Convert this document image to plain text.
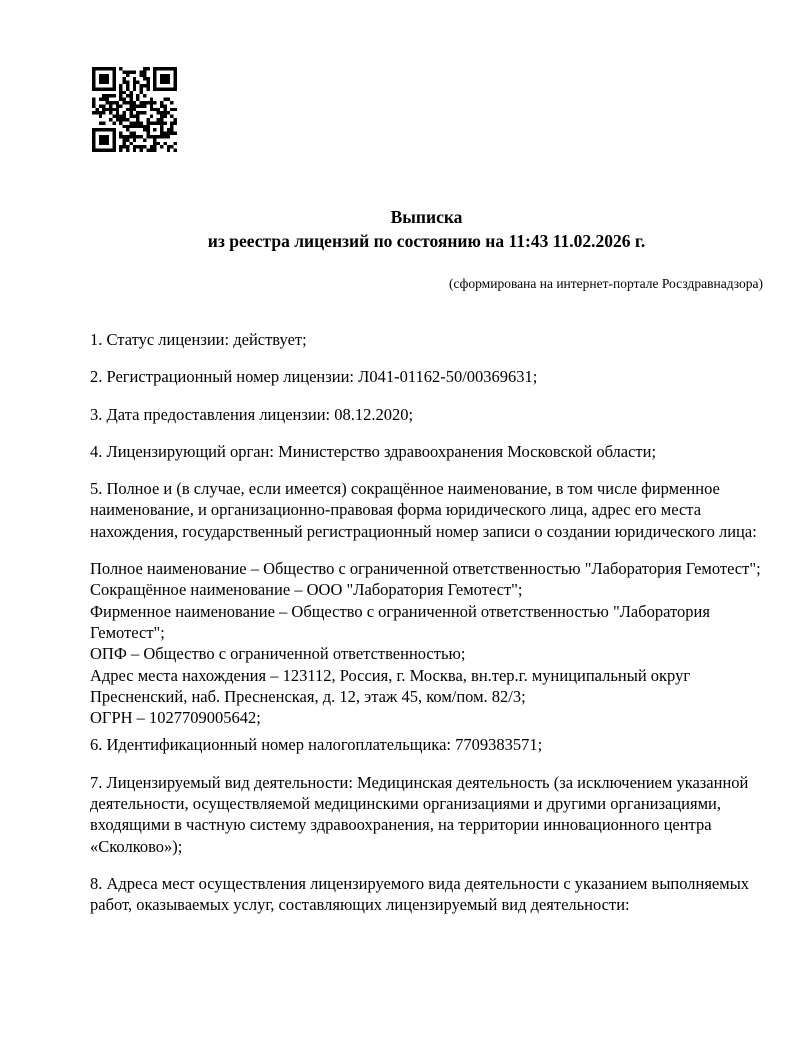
Выписка
из реестра лицензий по состоянию на 11:43 11.02.2026 г.
(сформирована на интернет-портале Росздравнадзора)

1. Статус лицензии: действует;

2. Регистрационный номер лицензии: Л041-01162-50/00369631;

3. Дата предоставления лицензии: 08.12.2020;

4. Лицензирующий орган: Министерство здравоохранения Московской области;

5. Полное и (в случае, если имеется) сокращённое наименование, в том числе фирменное наименование, и организационно-правовая форма юридического лица, адрес его места нахождения, государственный регистрационный номер записи о создании юридического лица:

Полное наименование – Общество с ограниченной ответственностью "Лаборатория Гемотест";

Сокращённое наименование – ООО "Лаборатория Гемотест";

Фирменное наименование – Общество с ограниченной ответственностью "Лаборатория Гемотест";

ОПФ – Общество с ограниченной ответственностью;

Адрес места нахождения – 123112, Россия, г. Москва, вн.тер.г. муниципальный округ Пресненский, наб. Пресненская, д. 12, этаж 45, ком/пом. 82/3;

ОГРН – 1027709005642;

6. Идентификационный номер налогоплательщика: 7709383571;

7. Лицензируемый вид деятельности: Медицинская деятельность (за исключением указанной деятельности, осуществляемой медицинскими организациями и другими организациями, входящими в частную систему здравоохранения, на территории инновационного центра «Сколково»);

8. Адреса мест осуществления лицензируемого вида деятельности с указанием выполняемых работ, оказываемых услуг, составляющих лицензируемый вид деятельности:
